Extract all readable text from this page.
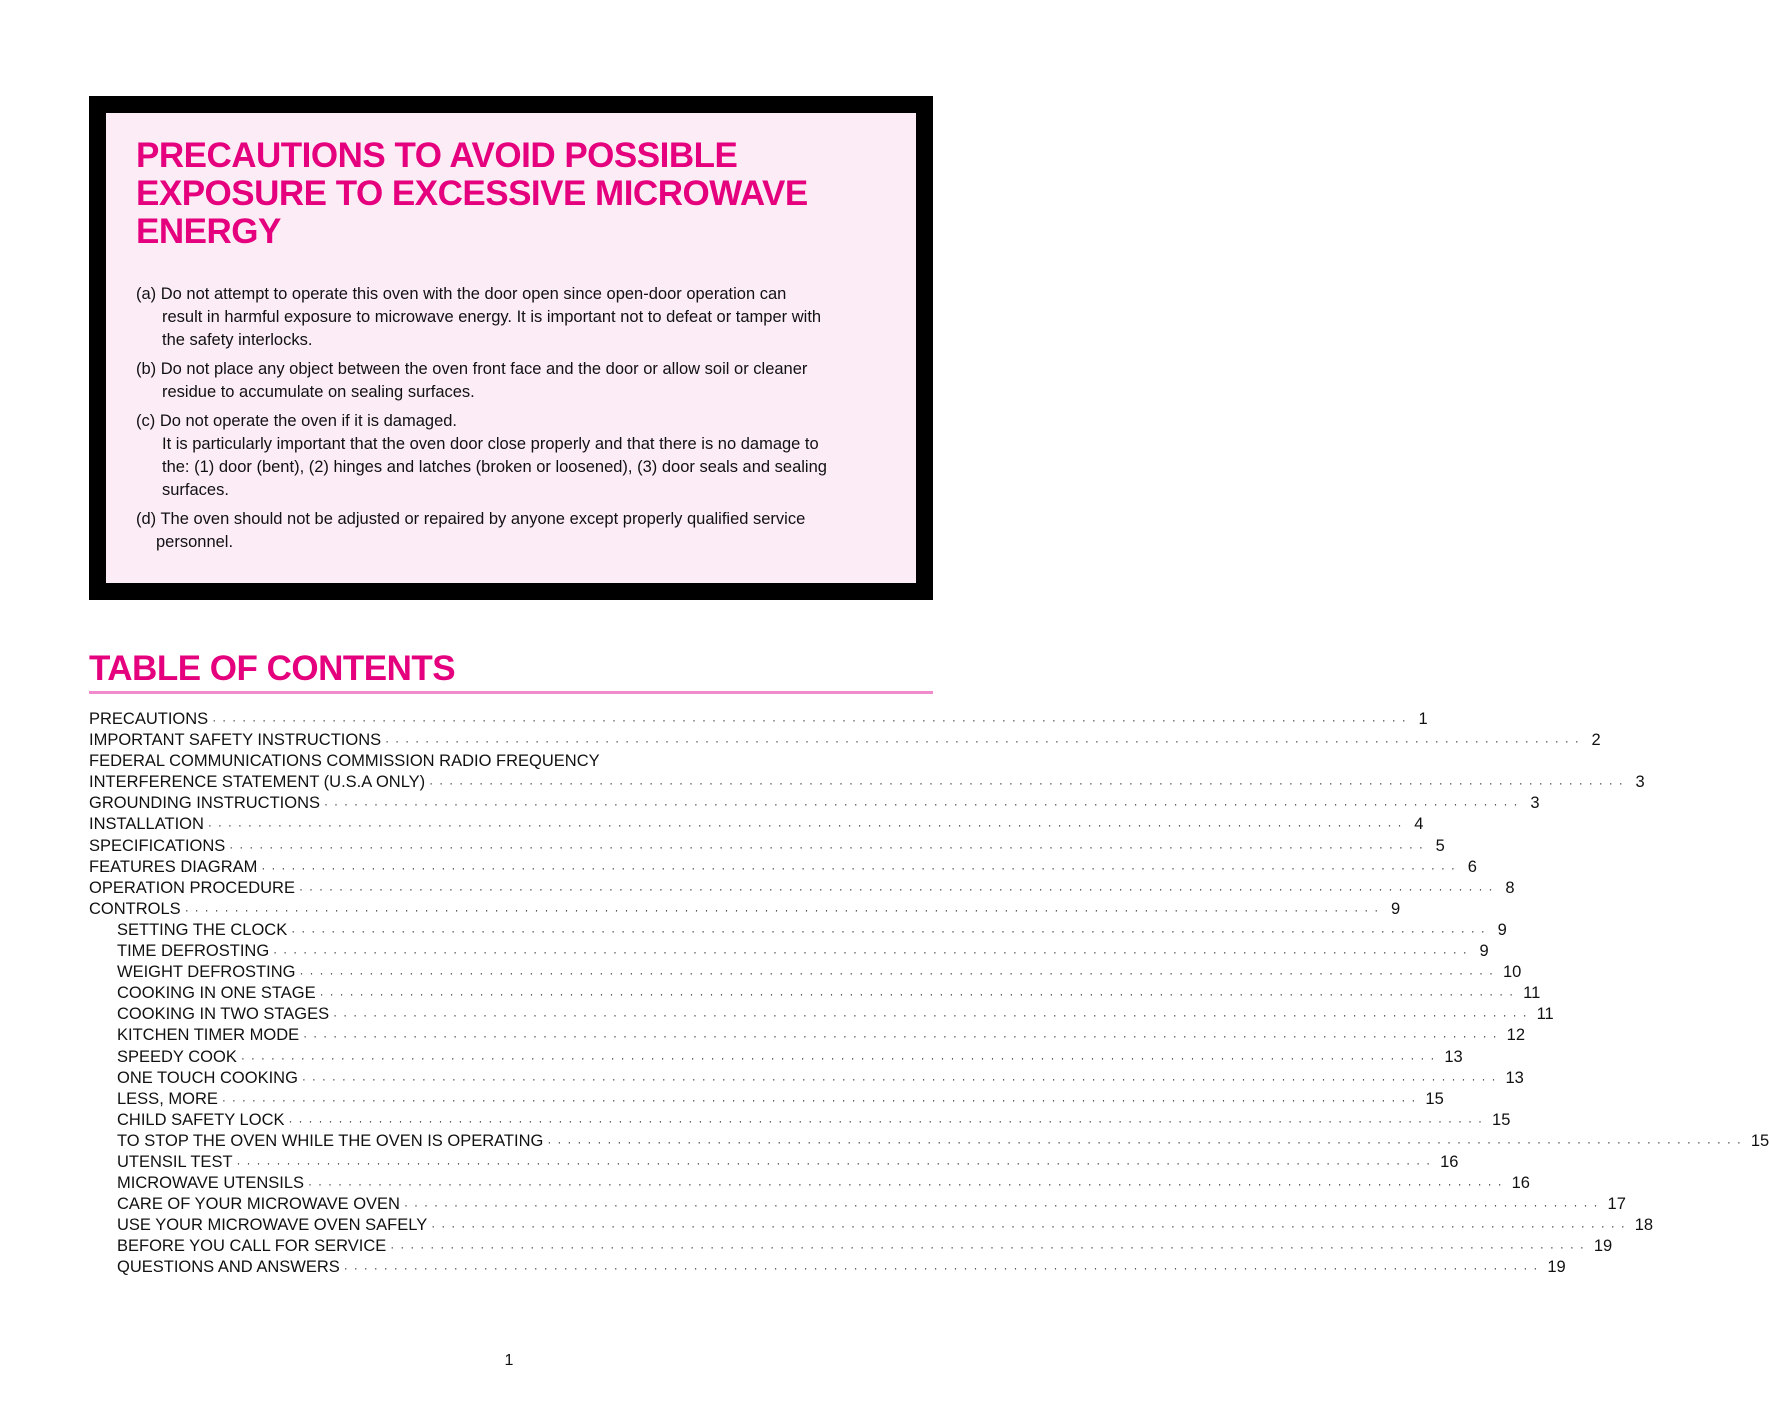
PRECAUTIONS TO AVOID POSSIBLE
EXPOSURE TO EXCESSIVE MICROWAVE
ENERGY
(a) Do not attempt to operate this oven with the door open since open-door operation can
result in harmful exposure to microwave energy. It is important not to defeat or tamper with
the safety interlocks.
(b) Do not place any object between the oven front face and the door or allow soil or cleaner
residue to accumulate on sealing surfaces.
(c) Do not operate the oven if it is damaged.
It is particularly important that the oven door close properly and that there is no damage to
the: (1) door (bent), (2) hinges and latches (broken or loosened), (3) door seals and sealing
surfaces.
(d) The oven should not be adjusted or repaired by anyone except properly qualified service
personnel.
TABLE OF CONTENTS
PRECAUTIONS ························································································································ 1
IMPORTANT SAFETY INSTRUCTIONS ························································································································ 2
FEDERAL COMMUNICATIONS COMMISSION RADIO FREQUENCY
INTERFERENCE STATEMENT (U.S.A ONLY) ························································································································ 3
GROUNDING INSTRUCTIONS ························································································································ 3
INSTALLATION ························································································································ 4
SPECIFICATIONS ························································································································ 5
FEATURES DIAGRAM ························································································································ 6
OPERATION PROCEDURE ························································································································ 8
CONTROLS ························································································································ 9
SETTING THE CLOCK ························································································································ 9
TIME DEFROSTING ························································································································ 9
WEIGHT DEFROSTING ························································································································ 10
COOKING IN ONE STAGE ························································································································ 11
COOKING IN TWO STAGES ························································································································ 11
KITCHEN TIMER MODE ························································································································ 12
SPEEDY COOK ························································································································ 13
ONE TOUCH COOKING ························································································································ 13
LESS, MORE ························································································································ 15
CHILD SAFETY LOCK ························································································································ 15
TO STOP THE OVEN WHILE THE OVEN IS OPERATING ························································································································ 15
UTENSIL TEST ························································································································ 16
MICROWAVE UTENSILS ························································································································ 16
CARE OF YOUR MICROWAVE OVEN ························································································································ 17
USE YOUR MICROWAVE OVEN SAFELY ························································································································ 18
BEFORE YOU CALL FOR SERVICE ························································································································ 19
QUESTIONS AND ANSWERS ························································································································ 19
1
